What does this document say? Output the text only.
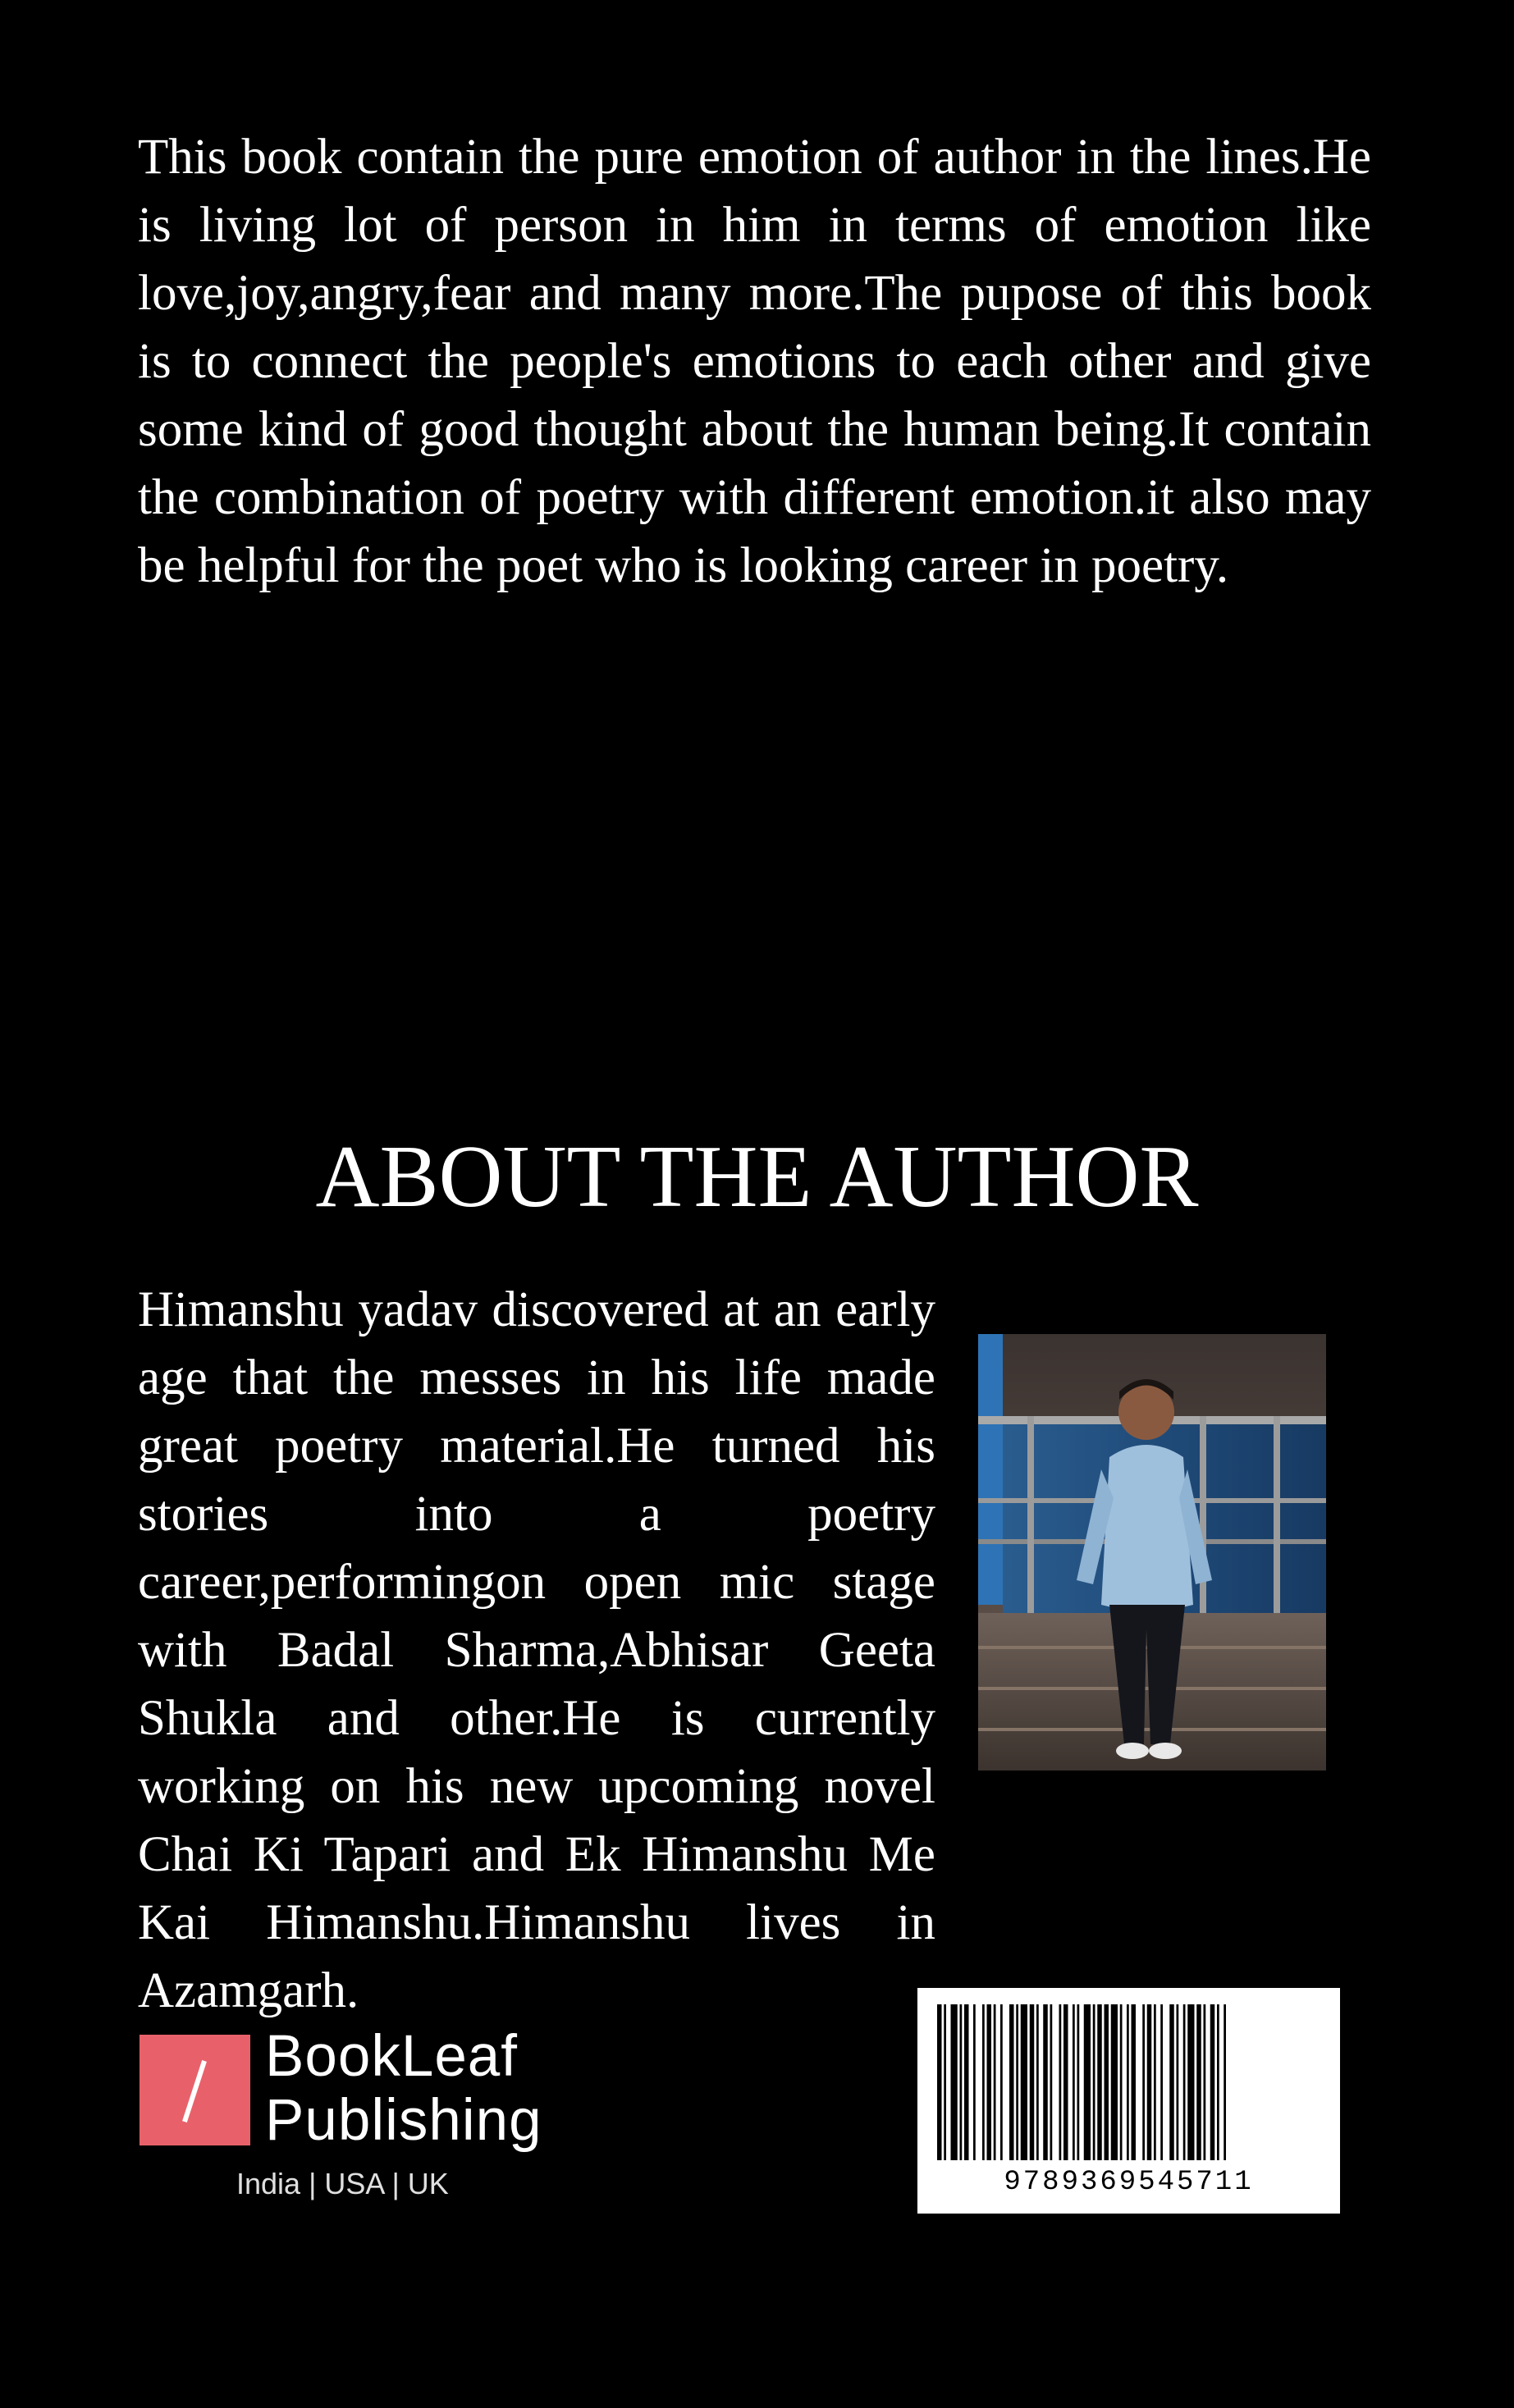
This book contain the pure emotion of author in the lines.He is living lot of person in him in terms of emotion like love,joy,angry,fear and many more.The pupose of this book is to connect the people's emotions to each other and give some kind of good thought about the human being.It contain the combination of poetry with different emotion.it also may be helpful for the poet who is looking career in poetry.

ABOUT THE AUTHOR

Himanshu yadav discovered at an early age that the messes in his life made great poetry material.He turned his stories into a poetry career,performingon open mic stage with Badal Sharma,Abhisar Geeta Shukla and other.He is currently working on his new upcoming novel Chai Ki Tapari and Ek Himanshu Me Kai Himanshu.Himanshu lives in Azamgarh.

BookLeaf
Publishing
India | USA | UK	9789369545711
